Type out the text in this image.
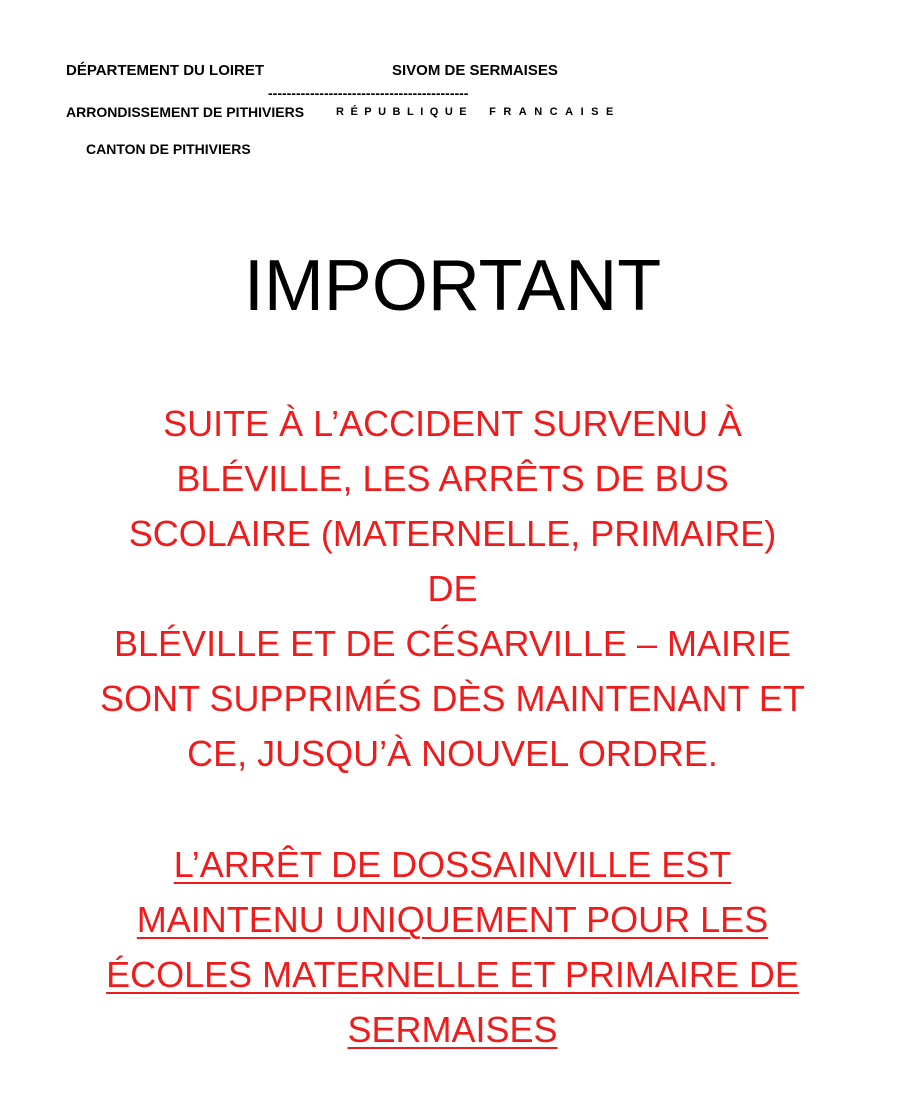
DÉPARTEMENT DU LOIRET	SIVOM DE SERMAISES
-------------------------------------------
ARRONDISSEMENT DE PITHIVIERS	RÉPUBLIQUE FRANCAISE
CANTON DE PITHIVIERS
IMPORTANT
SUITE À L’ACCIDENT SURVENU À
BLÉVILLE, LES ARRÊTS DE BUS
SCOLAIRE (MATERNELLE, PRIMAIRE)
DE
BLÉVILLE ET DE CÉSARVILLE – MAIRIE
SONT SUPPRIMÉS DÈS MAINTENANT ET
CE, JUSQU’À NOUVEL ORDRE.
L’ARRÊT DE DOSSAINVILLE EST
MAINTENU UNIQUEMENT POUR LES
ÉCOLES MATERNELLE ET PRIMAIRE DE
SERMAISES
